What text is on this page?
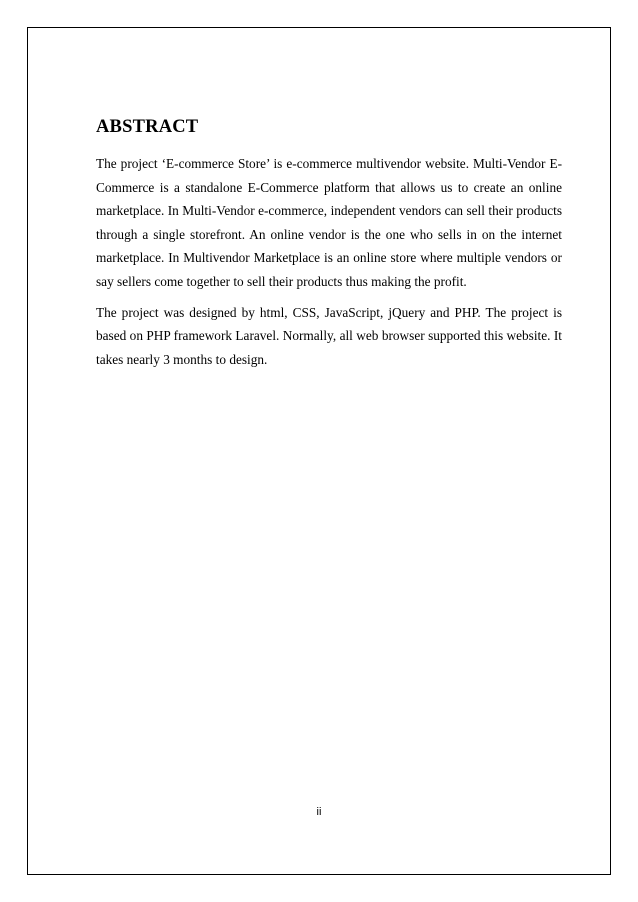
ABSTRACT

The project ‘E-commerce Store’ is e-commerce multivendor website. Multi-Vendor E-Commerce is a standalone E-Commerce platform that allows us to create an online marketplace. In Multi-Vendor e-commerce, independent vendors can sell their products through a single storefront. An online vendor is the one who sells in on the internet marketplace. In Multivendor Marketplace is an online store where multiple vendors or say sellers come together to sell their products thus making the profit.

The project was designed by html, CSS, JavaScript, jQuery and PHP. The project is based on PHP framework Laravel. Normally, all web browser supported this website. It takes nearly 3 months to design.

ii
